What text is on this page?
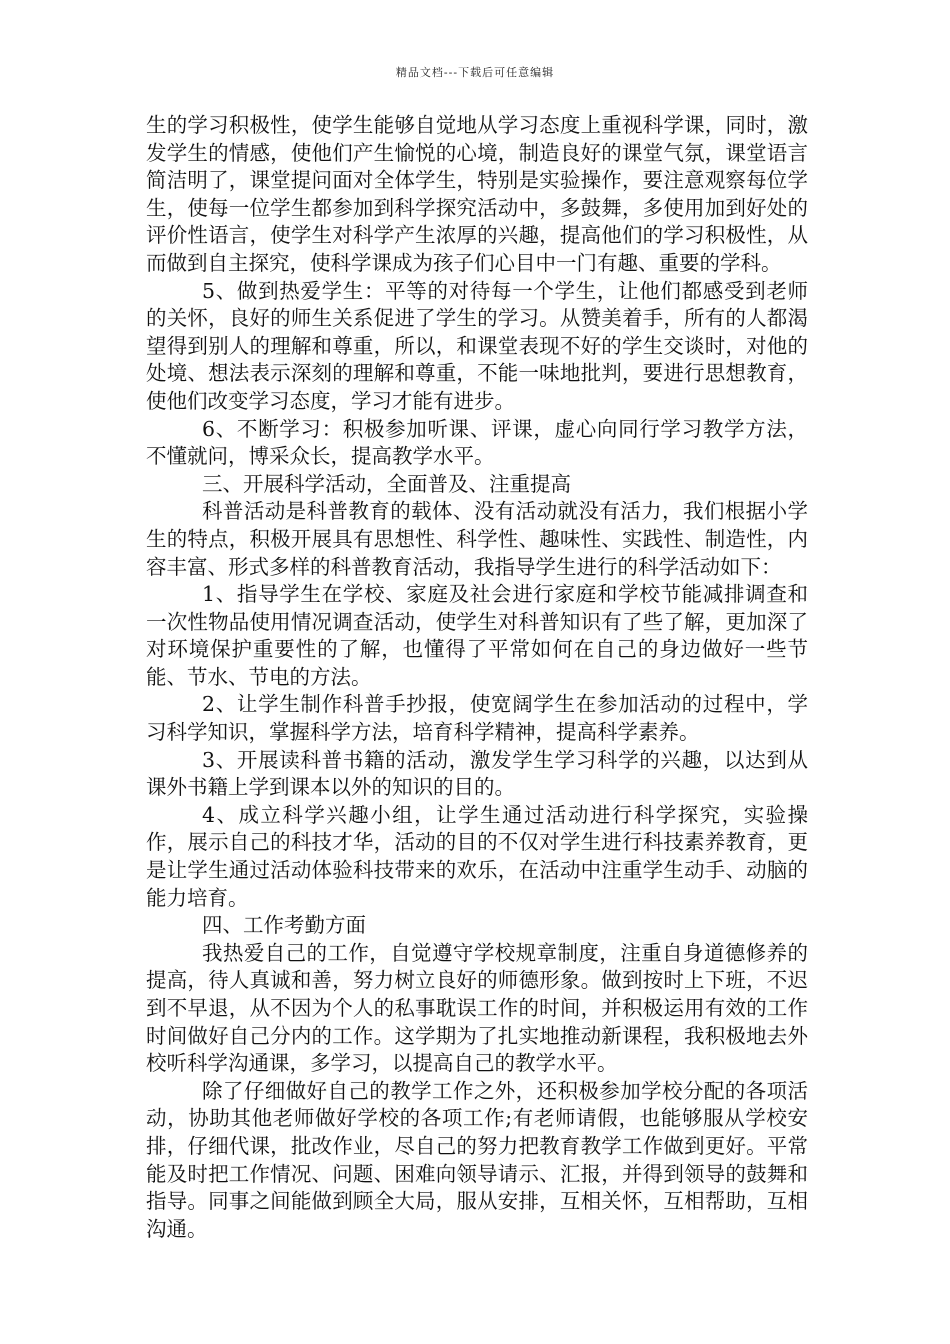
精品文档---下载后可任意编辑

生的学习积极性，使学生能够自觉地从学习态度上重视科学课，同时，激发学生的情感，使他们产生愉悦的心境，制造良好的课堂气氛，课堂语言简洁明了，课堂提问面对全体学生，特别是实验操作，要注意观察每位学生，使每一位学生都参加到科学探究活动中，多鼓舞，多使用加到好处的评价性语言，使学生对科学产生浓厚的兴趣，提高他们的学习积极性，从而做到自主探究，使科学课成为孩子们心目中一门有趣、重要的学科。

5、做到热爱学生：平等的对待每一个学生，让他们都感受到老师的关怀，良好的师生关系促进了学生的学习。从赞美着手，所有的人都渴望得到别人的理解和尊重，所以，和课堂表现不好的学生交谈时，对他的处境、想法表示深刻的理解和尊重，不能一味地批判，要进行思想教育，使他们改变学习态度，学习才能有进步。

6、不断学习：积极参加听课、评课，虚心向同行学习教学方法，不懂就问，博采众长，提高教学水平。

三、开展科学活动，全面普及、注重提高

科普活动是科普教育的载体、没有活动就没有活力，我们根据小学生的特点，积极开展具有思想性、科学性、趣味性、实践性、制造性，内容丰富、形式多样的科普教育活动，我指导学生进行的科学活动如下：

1、指导学生在学校、家庭及社会进行家庭和学校节能减排调查和一次性物品使用情况调查活动，使学生对科普知识有了些了解，更加深了对环境保护重要性的了解，也懂得了平常如何在自己的身边做好一些节能、节水、节电的方法。

2、让学生制作科普手抄报，使宽阔学生在参加活动的过程中，学习科学知识，掌握科学方法，培育科学精神，提高科学素养。

3、开展读科普书籍的活动，激发学生学习科学的兴趣，以达到从课外书籍上学到课本以外的知识的目的。

4、成立科学兴趣小组，让学生通过活动进行科学探究，实验操作，展示自己的科技才华，活动的目的不仅对学生进行科技素养教育，更是让学生通过活动体验科技带来的欢乐，在活动中注重学生动手、动脑的能力培育。

四、工作考勤方面

我热爱自己的工作，自觉遵守学校规章制度，注重自身道德修养的提高，待人真诚和善，努力树立良好的师德形象。做到按时上下班，不迟到不早退，从不因为个人的私事耽误工作的时间，并积极运用有效的工作时间做好自己分内的工作。这学期为了扎实地推动新课程，我积极地去外校听科学沟通课，多学习，以提高自己的教学水平。

除了仔细做好自己的教学工作之外，还积极参加学校分配的各项活动，协助其他老师做好学校的各项工作;有老师请假，也能够服从学校安排，仔细代课，批改作业，尽自己的努力把教育教学工作做到更好。平常能及时把工作情况、问题、困难向领导请示、汇报，并得到领导的鼓舞和指导。同事之间能做到顾全大局，服从安排，互相关怀，互相帮助，互相沟通。
